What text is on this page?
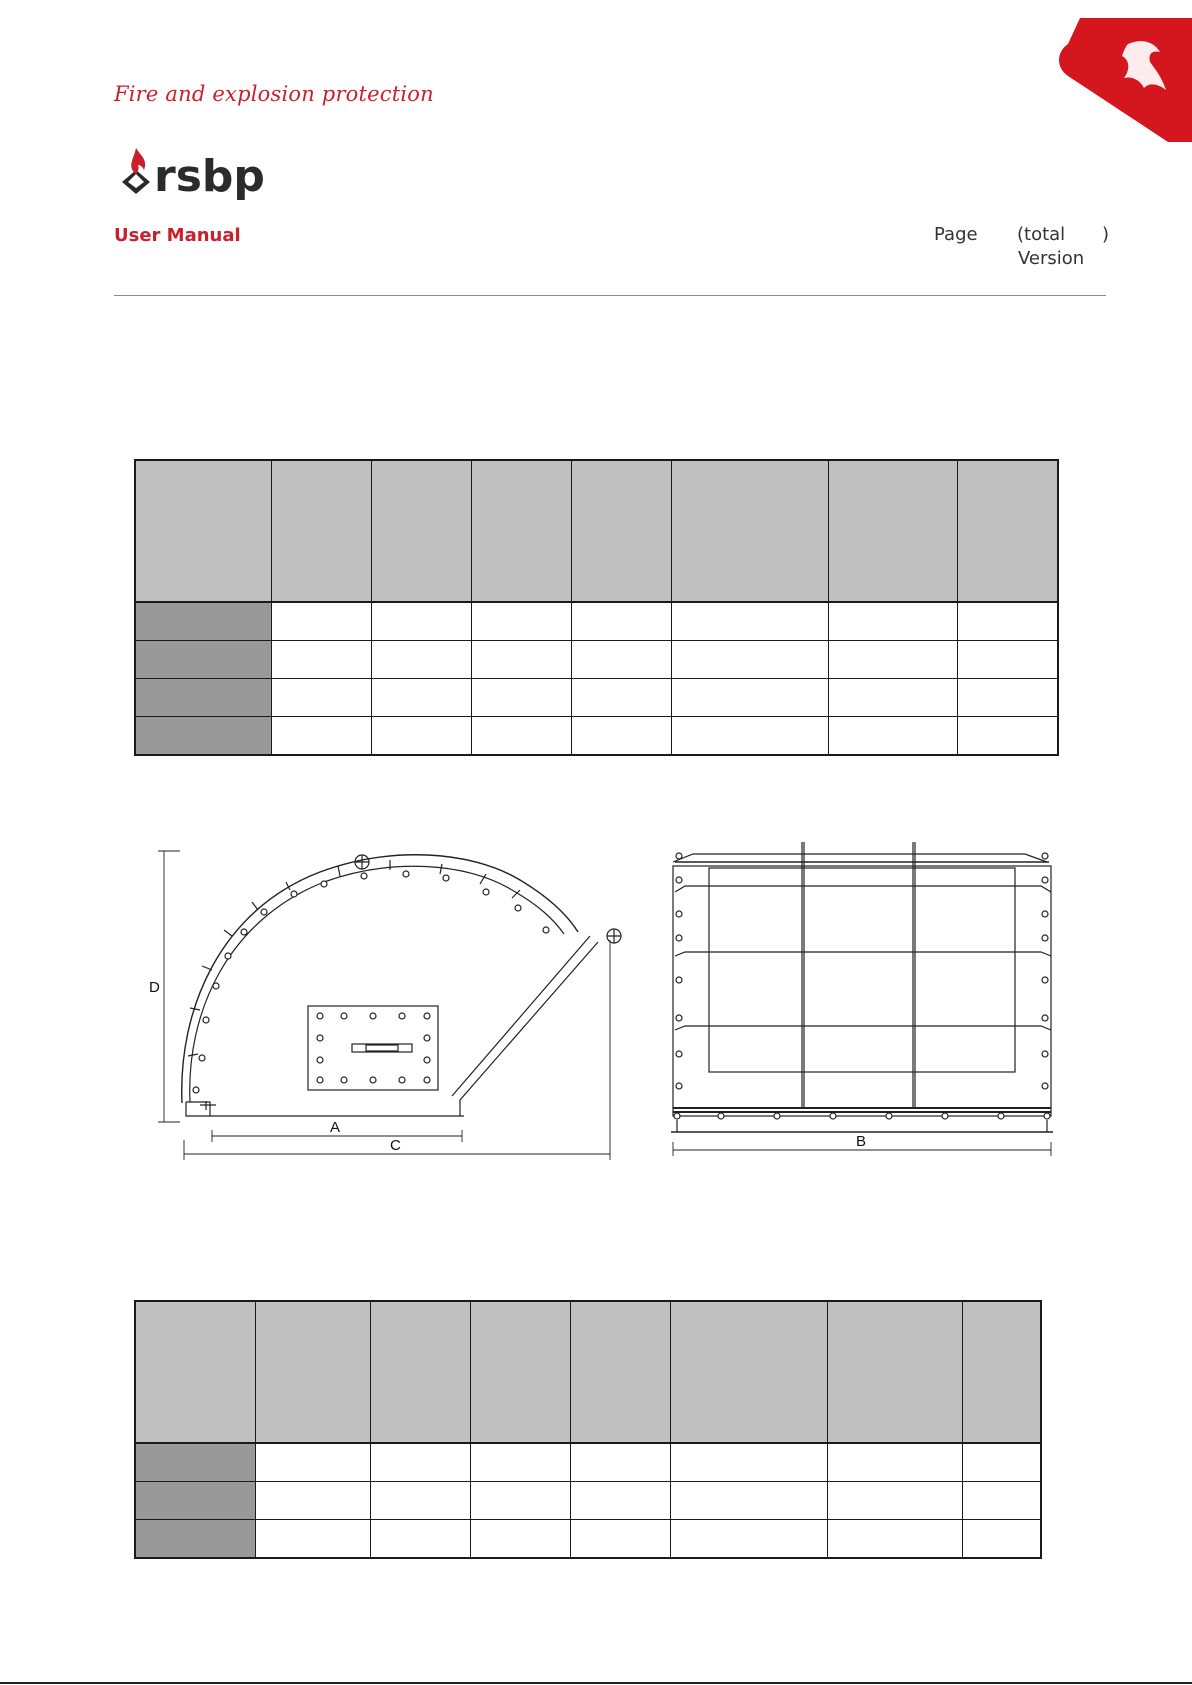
Fire and explosion protection
rsbp
User Manual	Page (total )
Version

D
A
C	B
